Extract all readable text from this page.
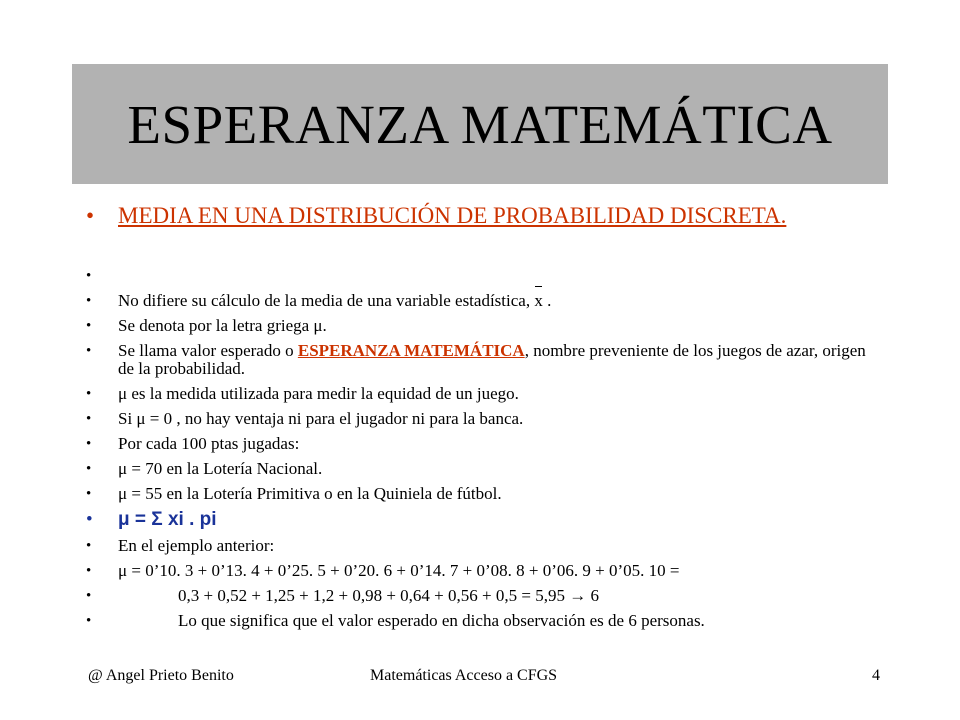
ESPERANZA MATEMÁTICA
• MEDIA EN UNA DISTRIBUCIÓN DE PROBABILIDAD DISCRETA.
•
• No difiere su cálculo de la media de una variable estadística, x .
• Se denota por la letra griega μ.
• Se llama valor esperado o ESPERANZA MATEMÁTICA, nombre preveniente de los juegos de azar, origen de la probabilidad.
• μ es la medida utilizada para medir la equidad de un juego.
• Si μ = 0 , no hay ventaja ni para el jugador ni para la banca.
• Por cada 100 ptas jugadas:
• μ = 70 en la Lotería Nacional.
• μ = 55 en la Lotería Primitiva o en la Quiniela de fútbol.
• μ = Σ xi . pi
• En el ejemplo anterior:
• μ = 0’10. 3 + 0’13. 4 + 0’25. 5 + 0’20. 6 + 0’14. 7 + 0’08. 8 + 0’06. 9 + 0’05. 10 =
•	0,3 + 0,52 + 1,25 + 1,2 + 0,98 + 0,64 + 0,56 + 0,5 = 5,95 → 6
•	Lo que significa que el valor esperado en dicha observación es de 6 personas.
@ Angel Prieto Benito	Matemáticas Acceso a CFGS	4
